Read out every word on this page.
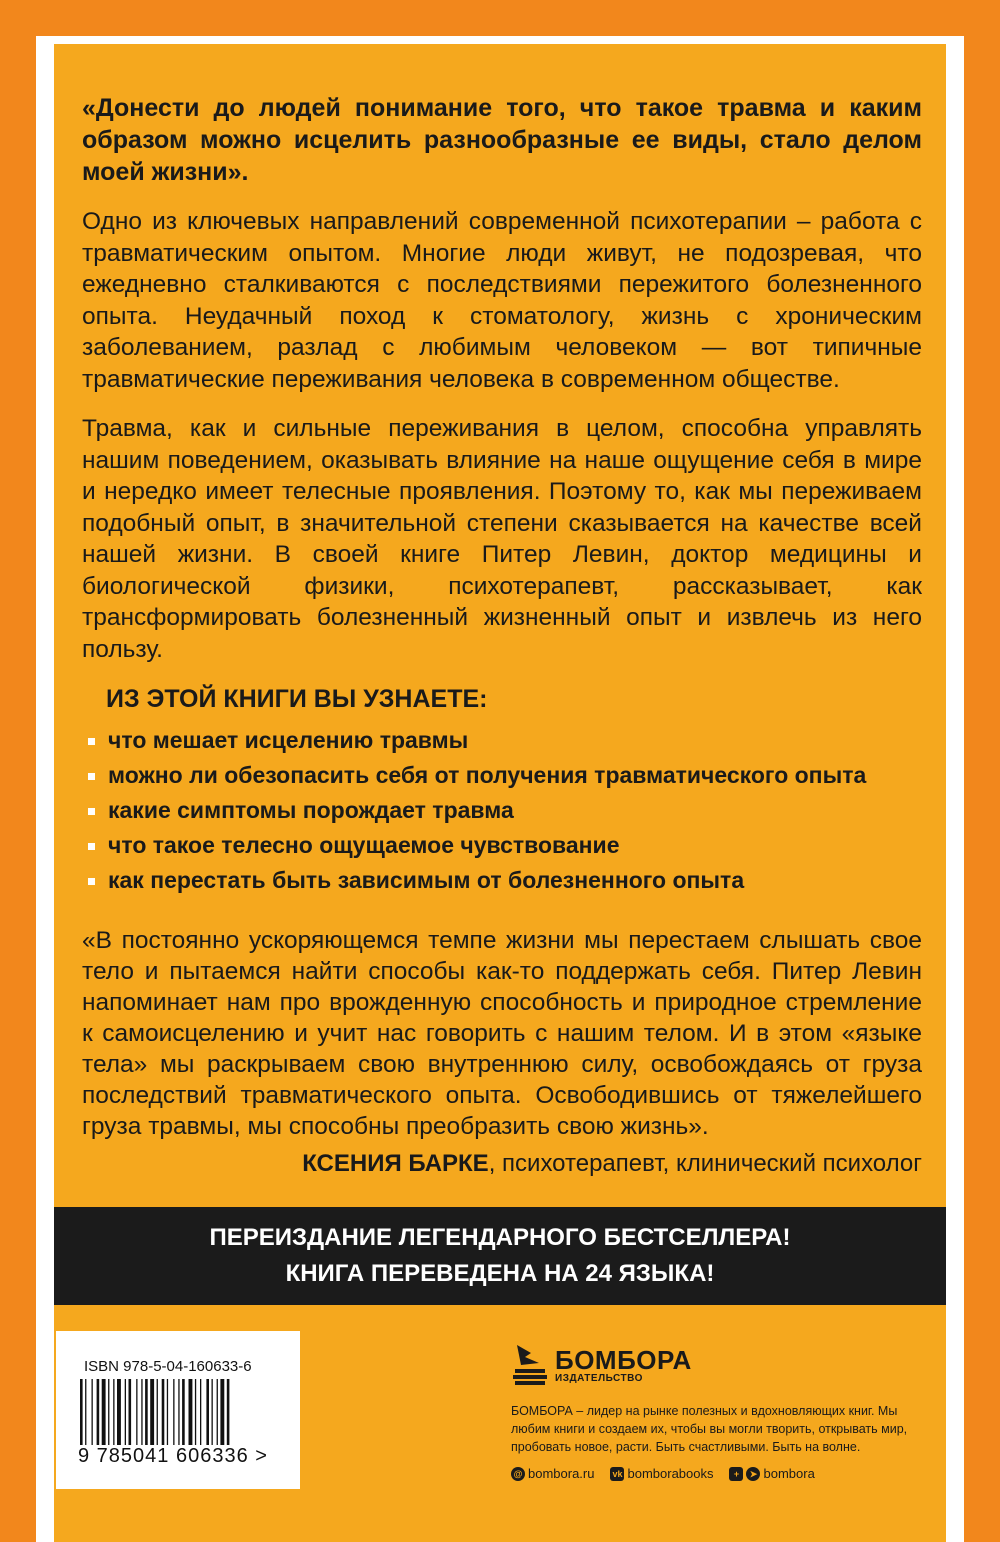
«Донести до людей понимание того, что такое травма и каким образом можно исцелить разнообразные ее виды, стало делом моей жизни».

Одно из ключевых направлений современной психотерапии – работа с травматическим опытом. Многие люди живут, не подозревая, что ежедневно сталкиваются с последствиями пережитого болезненного опыта. Неудачный поход к стоматологу, жизнь с хроническим заболеванием, разлад с любимым человеком — вот типичные травматические переживания человека в современном обществе.

Травма, как и сильные переживания в целом, способна управлять нашим поведением, оказывать влияние на наше ощущение себя в мире и нередко имеет телесные проявления. Поэтому то, как мы переживаем подобный опыт, в значительной степени сказывается на качестве всей нашей жизни. В своей книге Питер Левин, доктор медицины и биологической физики, психотерапевт, рассказывает, как трансформировать болезненный жизненный опыт и извлечь из него пользу.

ИЗ ЭТОЙ КНИГИ ВЫ УЗНАЕТЕ:
что мешает исцелению травмы
можно ли обезопасить себя от получения травматического опыта
какие симптомы порождает травма
что такое телесно ощущаемое чувствование
как перестать быть зависимым от болезненного опыта

«В постоянно ускоряющемся темпе жизни мы перестаем слышать свое тело и пытаемся найти способы как-то поддержать себя. Питер Левин напоминает нам про врожденную способность и природное стремление к самоисцелению и учит нас говорить с нашим телом. И в этом «языке тела» мы раскрываем свою внутреннюю силу, освобождаясь от груза последствий травматического опыта. Освободившись от тяжелейшего груза травмы, мы способны преобразить свою жизнь».

КСЕНИЯ БАРКЕ, психотерапевт, клинический психолог
ПЕРЕИЗДАНИЕ ЛЕГЕНДАРНОГО БЕСТСЕЛЛЕРА!
КНИГА ПЕРЕВЕДЕНА НА 24 ЯЗЫКА!
ISBN 978-5-04-160633-6
9 785041 606336 >
БОМБОРА
ИЗДАТЕЛЬСТВО
БОМБОРА – лидер на рынке полезных и вдохновляющих книг. Мы любим книги и создаем их, чтобы вы могли творить, открывать мир, пробовать новое, расти. Быть счастливыми. Быть на волне.
@ bombora.ru vk bomborabooks	+	➤ bombora
